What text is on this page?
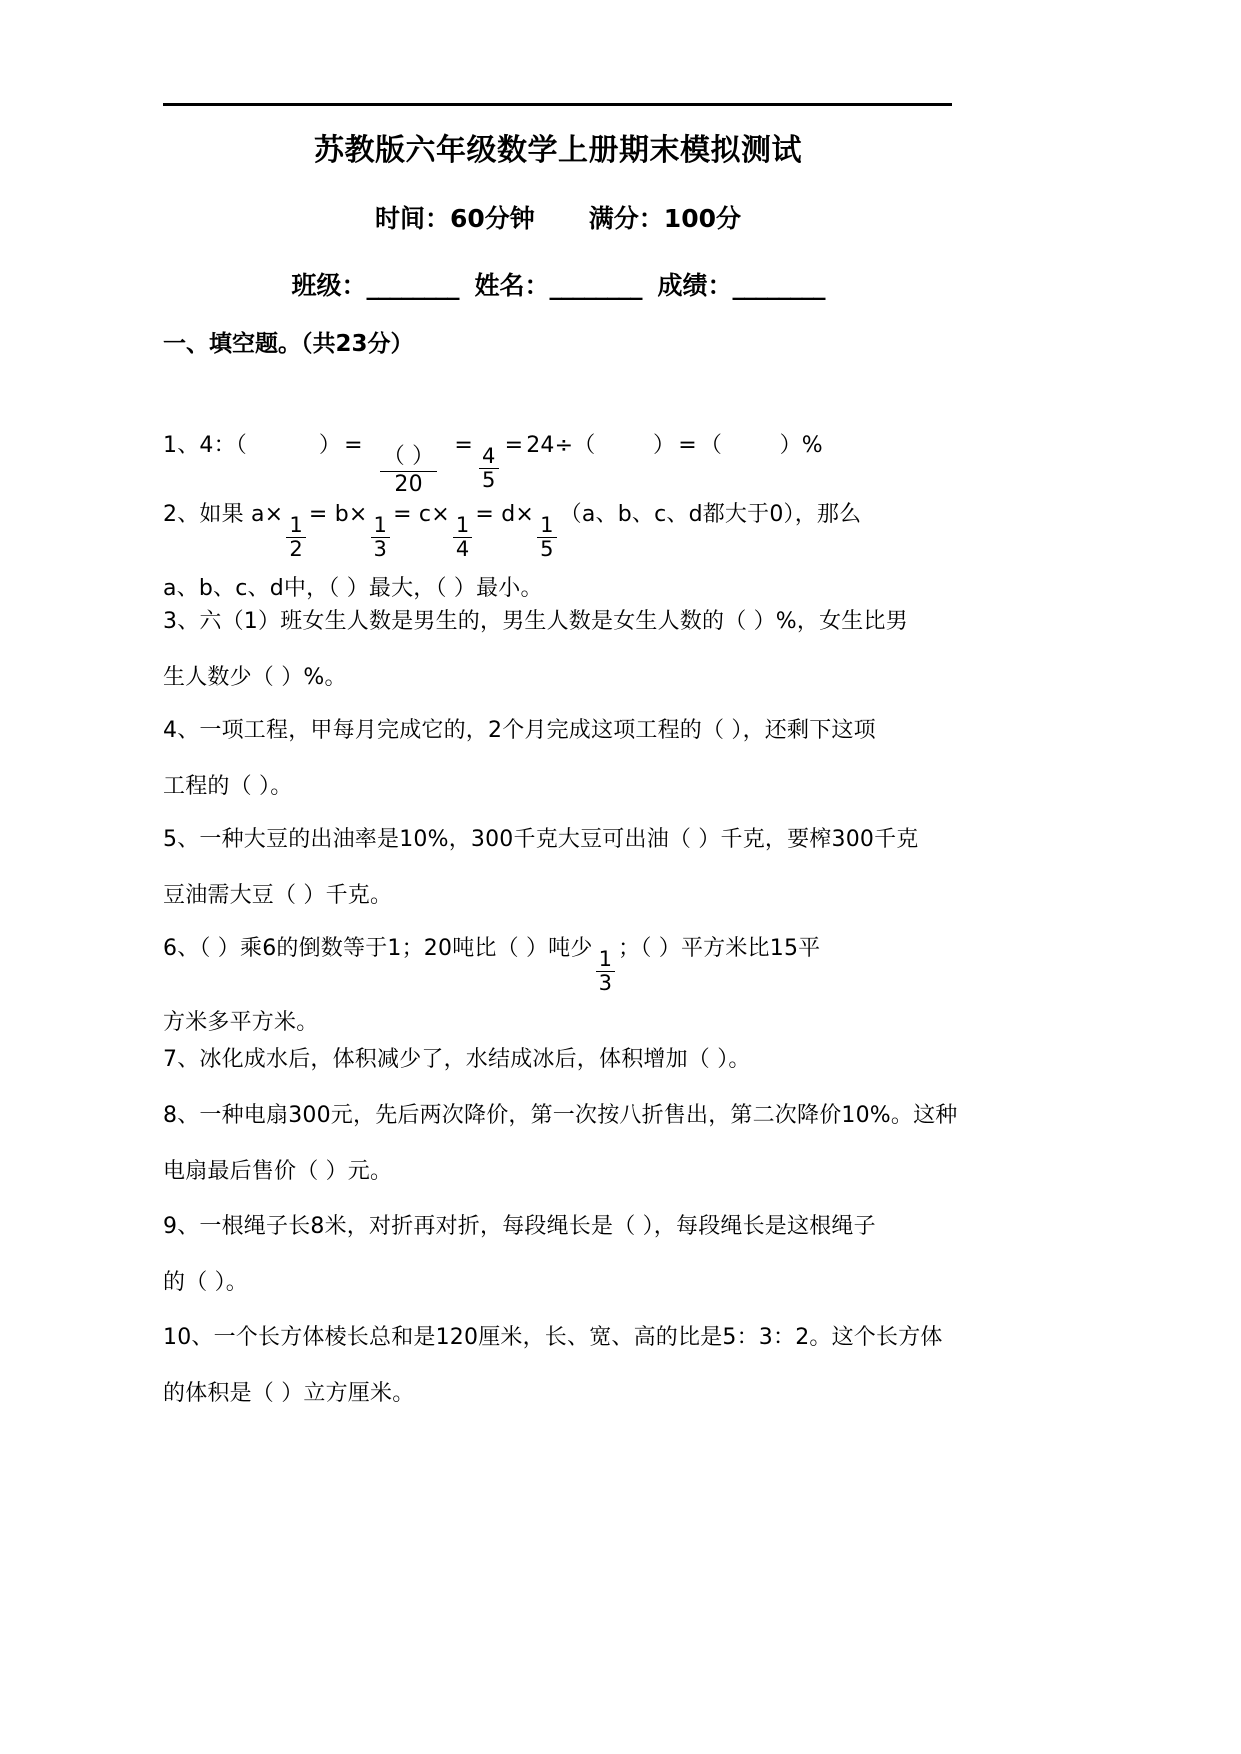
苏教版六年级数学上册期末模拟测试
时间：60分钟 满分：100分
班级：________ 姓名：________ 成绩：________
一、填空题。（共23分）
1、4：（          ） =
$\frac{( )}{20}$
=
$\frac{4}{5}$
= 24÷（        ） = （        ）%
2、如果 a×
$\frac{1}{2}$
= b×
$\frac{1}{3}$
= c×
$\frac{1}{4}$
= d×
$\frac{1}{5}$
（a、b、c、d都大于0），那么
a、b、c、d中，（ ）最大，（ ）最小。
3、六（1）班女生人数是男生的，男生人数是女生人数的（ ）%，女生比男
生人数少（ ）%。
4、一项工程，甲每月完成它的，2个月完成这项工程的（ ），还剩下这项
工程的（ ）。
5、一种大豆的出油率是10%，300千克大豆可出油（ ）千克，要榨300千克
豆油需大豆（ ）千克。
6、（ ）乘6的倒数等于1；20吨比（ ）吨少
$\frac{1}{3}$
；（ ）平方米比15平
方米多平方米。
7、冰化成水后，体积减少了，水结成冰后，体积增加（ ）。
8、一种电扇300元，先后两次降价，第一次按八折售出，第二次降价10%。这种
电扇最后售价（ ）元。
9、一根绳子长8米，对折再对折，每段绳长是（ ），每段绳长是这根绳子
的（ ）。
10、一个长方体棱长总和是120厘米，长、宽、高的比是5：3：2。这个长方体
的体积是（ ）立方厘米。
